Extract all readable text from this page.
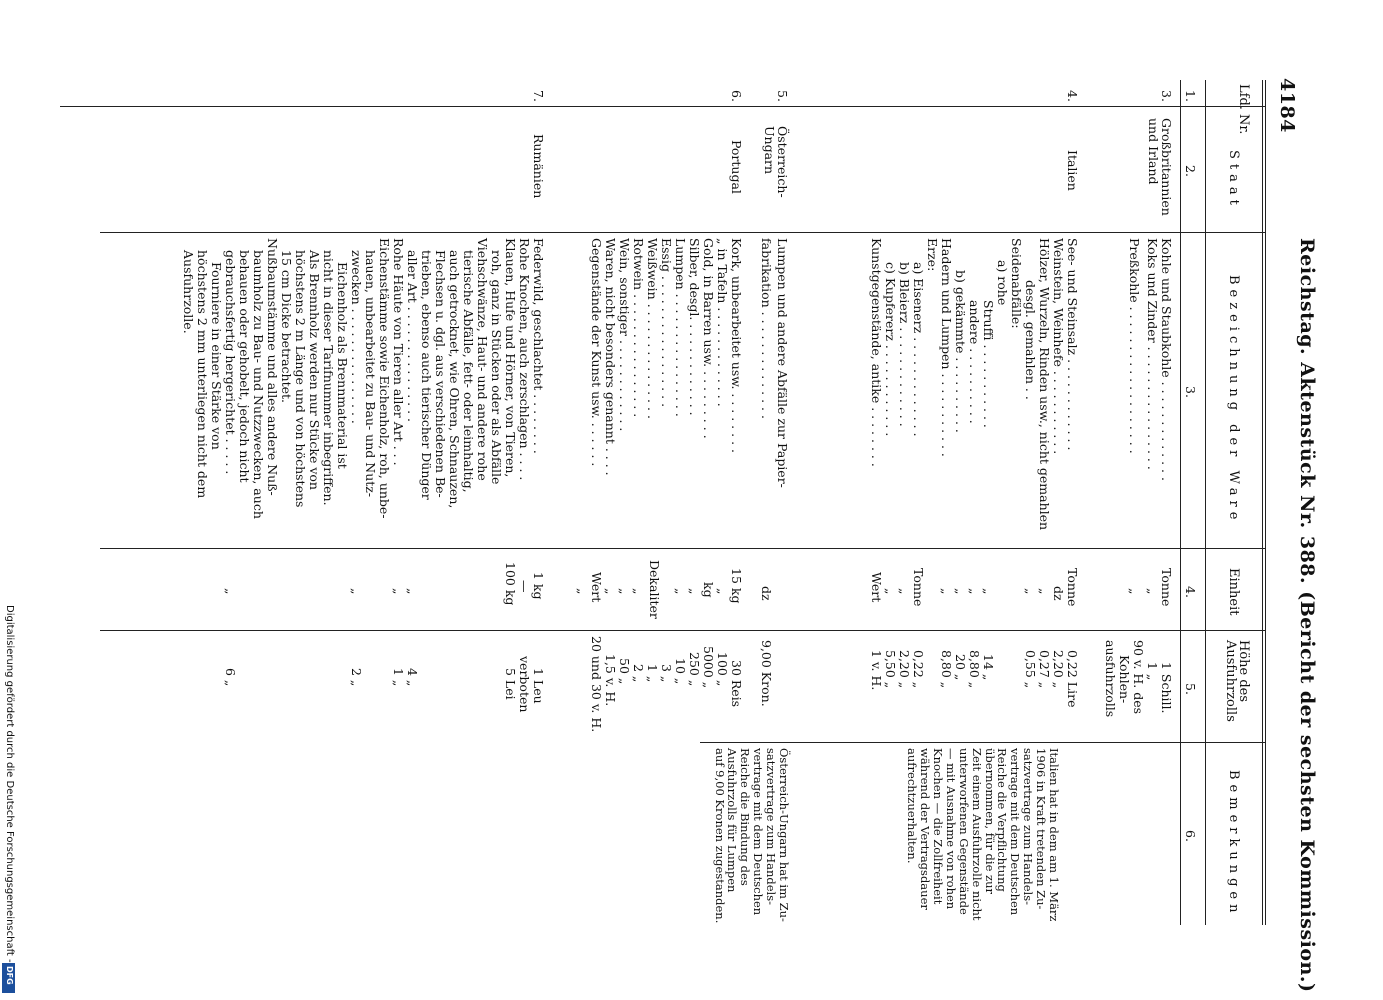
4184
Reichstag. Aktenstück Nr. 388. (Bericht der sechsten Kommission.)
Lfd. Nr.
Staat
Bezeichnung der Ware
Einheit
Höhe des Ausfuhrzolls
Bemerkungen
1.
2.
3.
4.
5.
6.
3.
Großbritannien und Irland
Kohle und Staubkohle . . . . . . . . . . . . .
Koks und Zinder . . . . . . . . . . . . . . . .
Preßkohle . . . . . . . . . . . . . . . . . . .
Tonne
„
„
1 Schill.
1 „
90 v. H. des
Kohlen-
ausfuhrzolls
4.
Italien
See- und Steinsalz . . . . . . . . . . . .
Weinstein, Weinhefe . . . . . . . . . . .
Hölzer, Wurzeln, Rinden usw., nicht gemahlen
desgl. gemahlen . .
Seidenabfälle:
a) rohe
Struffi . . . . . . . . . . .
andere . . . . . . . . . .
b) gekämmte . . . . . . . . . .
Hadern und Lumpen . . . . . . . . . . .
Erze:
a) Eisenerz . . . . . . . . . . . . .
b) Bleierz . . . . . . . . . . . . .
c) Kupfererz . . . . . . . . . . . .
Kunstgegenstände, antike . . . . . . . .
Tonne
dz
„
„
„
„
„
„
Tonne
„
„
Wert
0,22 Lire
2,20 „
0,27 „
0,55 „
14 „
8,80 „
20 „
8,80 „
0,22 „
2,20 „
5,50 „
1 v. H.
Italien hat in dem am 1. März
1906 in Kraft tretenden Zu-
satzvertrage zum Handels-
vertrage mit dem Deutschen
Reiche die Verpflichtung
übernommen, für die zur
Zeit einem Ausfuhrzolle nicht
unterworfenen Gegenstände
— mit Ausnahme von rohen
Knochen — die Zollfreiheit
während der Vertragsdauer
aufrechtzuerhalten.
5.
Österreich-Ungarn
Lumpen und andere Abfälle zur Papier-
fabrikation . . . . . . . . . . . . . .
dz
9,00 Kron.
Österreich-Ungarn hat im Zu-
satzvertrage zum Handels-
vertrage mit dem Deutschen
Reiche die Bindung des
Ausfuhrzolls für Lumpen
auf 9,00 Kronen zugestanden.
6.
Portugal
Kork, unbearbeitet usw. . . . . . . . .
„ in Tafeln . . . . . . . . . . . . .
Gold, in Barren usw. . . . . . . . . .
Silber, desgl. . . . . . . . . . . . .
Lumpen . . . . . . . . . . . . . . . .
Essig . . . . . . . . . . . . . . . . .
Weißwein . . . . . . . . . . . . . . .
Rotwein . . . . . . . . . . . . . . . .
Wein, sonstiger . . . . . . . . . . . .
Waren, nicht besonders genannt . . . .
Gegenstände der Kunst usw. . . . . . .
15 kg
„
kg
„
„
Dekaliter
„
„
„
Wert
„
30 Reis
100 „
5000 „
250 „
10 „
3 „
1 „
2 „
50 „
1,5 v. H.
20 und 30 v. H.
7.
Rumänien
Federwild, geschlachtet . . . . . . . .
Rohe Knochen, auch zerschlagen . . . .
Klauen, Hufe und Hörner, von Tieren,
roh, ganz in Stücken oder als Abfälle
Viehschwänze, Haut- und andere rohe
tierische Abfälle, fett- oder leimhaltig,
auch getrocknet, wie Ohren, Schnauzen,
Flechsen u. dgl. aus verschiedenen Be-
trieben, ebenso auch tierischer Dünger
aller Art . . . . . . . . . . . . . . .
Rohe Häute von Tieren aller Art . . .
Eichenstämme sowie Eichenholz, roh, unbe-
hauen, unbearbeitet zu Bau- und Nutz-
zwecken . . . . . . . . . . . . . . .
Eichenholz als Brennmaterial ist
nicht in dieser Tarifnummer inbegriffen.
Als Brennholz werden nur Stücke von
höchstens 2 m Länge und von höchstens
15 cm Dicke betrachtet.
Nußbaumstämme und alles andere Nuß-
baumholz zu Bau- und Nutzzwecken, auch
behauen oder gehobelt, jedoch nicht
gebrauchsfertig hergerichtet . . . . .
Fourniere in einer Stärke von
höchstens 2 mm unterliegen nicht dem
Ausfuhrzolle.
1 kg
—
100 kg
„
„
„
„
1 Leu
verboten
5 Lei
4 „
1 „
2 „
6 „
Digitalisierung gefördert durch die Deutsche Forschungsgemeinschaft -
DFG
